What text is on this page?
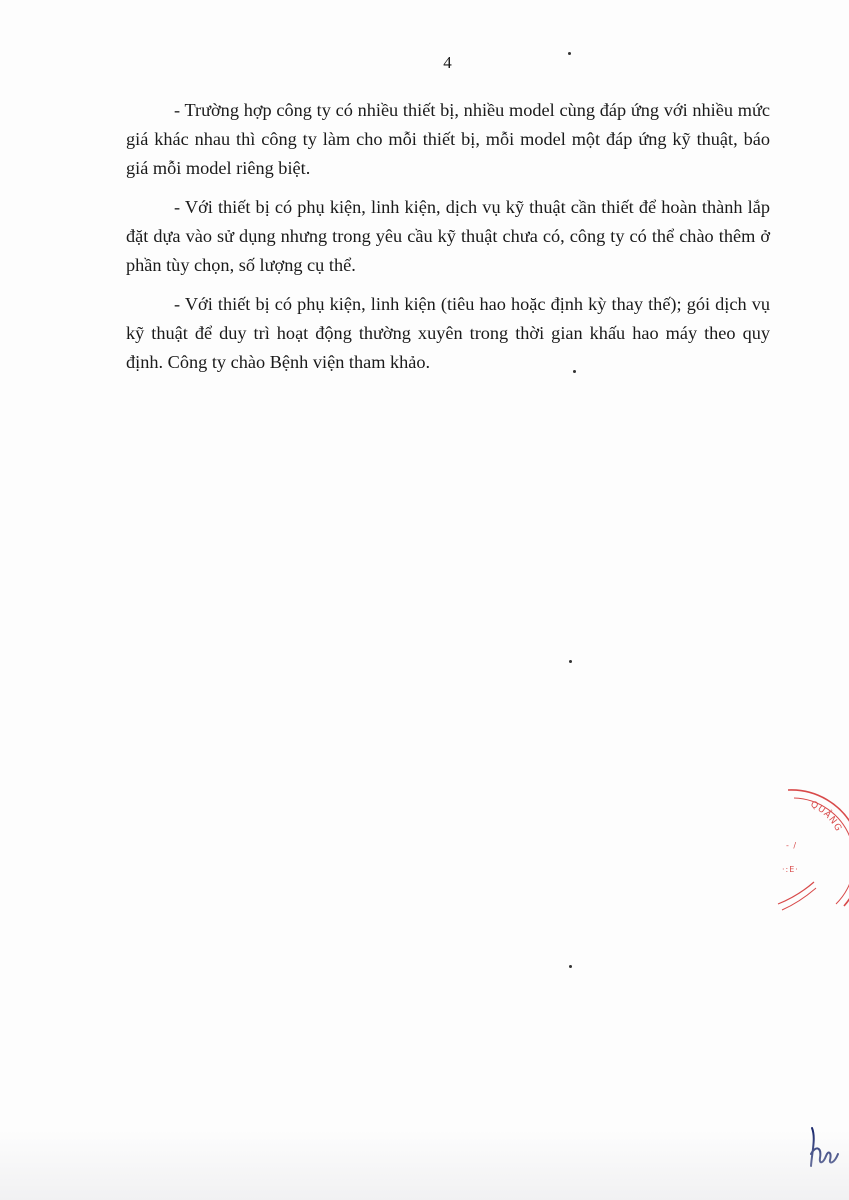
4

- Trường hợp công ty có nhiều thiết bị, nhiều model cùng đáp ứng với nhiều mức giá khác nhau thì công ty làm cho mỗi thiết bị, mỗi model một đáp ứng kỹ thuật, báo giá mỗi model riêng biệt.

- Với thiết bị có phụ kiện, linh kiện, dịch vụ kỹ thuật cần thiết để hoàn thành lắp đặt dựa vào sử dụng nhưng trong yêu cầu kỹ thuật chưa có, công ty có thể chào thêm ở phần tùy chọn, số lượng cụ thể.

- Với thiết bị có phụ kiện, linh kiện (tiêu hao hoặc định kỳ thay thế); gói dịch vụ kỹ thuật để duy trì hoạt động thường xuyên trong thời gian khấu hao máy theo quy định. Công ty chào Bệnh viện tham khảo.

QUẢNG
- /
·:E·
